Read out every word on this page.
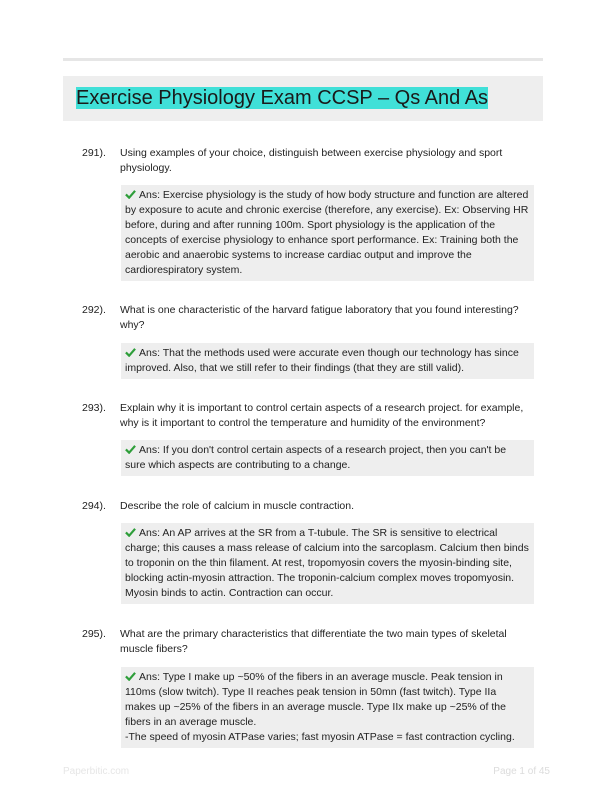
Exercise Physiology Exam CCSP – Qs And As
291). Using examples of your choice, distinguish between exercise physiology and sport physiology.
Ans: Exercise physiology is the study of how body structure and function are altered by exposure to acute and chronic exercise (therefore, any exercise). Ex: Observing HR before, during and after running 100m. Sport physiology is the application of the concepts of exercise physiology to enhance sport performance. Ex: Training both the aerobic and anaerobic systems to increase cardiac output and improve the cardiorespiratory system.
292). What is one characteristic of the harvard fatigue laboratory that you found interesting? why?
Ans: That the methods used were accurate even though our technology has since improved. Also, that we still refer to their findings (that they are still valid).
293). Explain why it is important to control certain aspects of a research project. for example, why is it important to control the temperature and humidity of the environment?
Ans: If you don't control certain aspects of a research project, then you can't be sure which aspects are contributing to a change.
294). Describe the role of calcium in muscle contraction.
Ans: An AP arrives at the SR from a T-tubule. The SR is sensitive to electrical charge; this causes a mass release of calcium into the sarcoplasm. Calcium then binds to troponin on the thin filament. At rest, tropomyosin covers the myosin-binding site, blocking actin-myosin attraction. The troponin-calcium complex moves tropomyosin. Myosin binds to actin. Contraction can occur.
295). What are the primary characteristics that differentiate the two main types of skeletal muscle fibers?
Ans: Type I make up ~50% of the fibers in an average muscle. Peak tension in 110ms (slow twitch). Type II reaches peak tension in 50mn (fast twitch). Type IIa makes up ~25% of the fibers in an average muscle. Type IIx make up ~25% of the fibers in an average muscle.
-The speed of myosin ATPase varies; fast myosin ATPase = fast contraction cycling.
Paperbitic.com	Page 1 of 45
